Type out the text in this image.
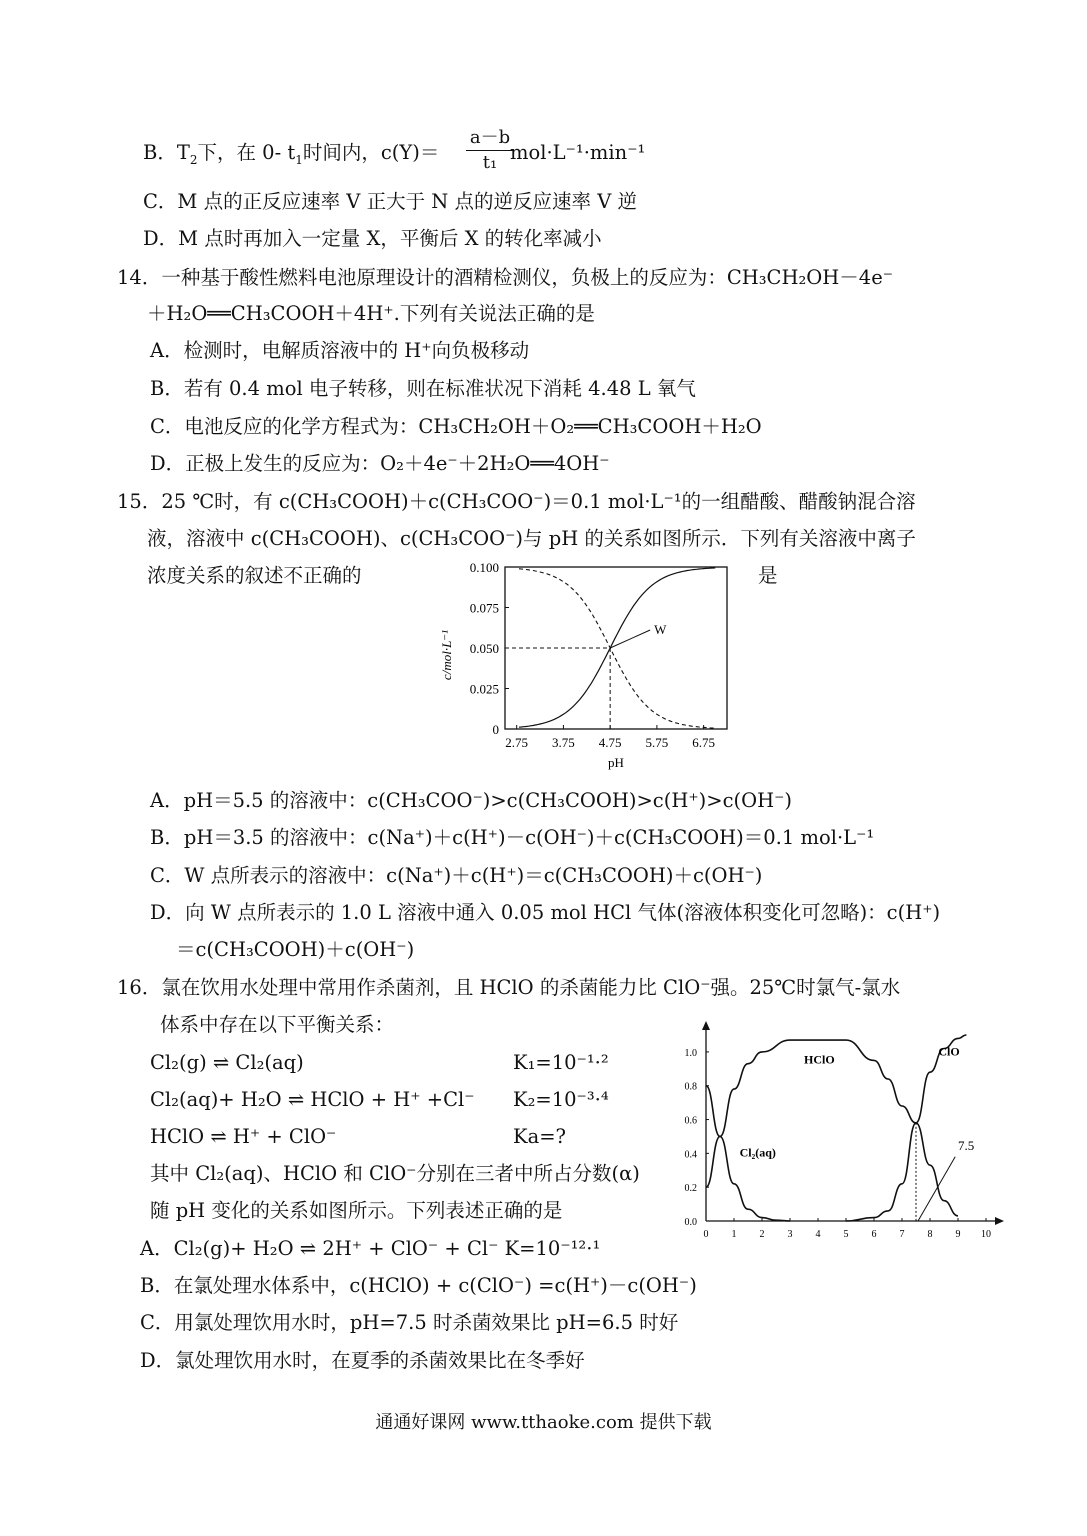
B．$T_2$下，在 0- $t_1$时间内，c(Y)＝
a－b
t₁ mol·L⁻¹·min⁻¹
C．M 点的正反应速率 V 正大于 N 点的逆反应速率 V 逆
D．M 点时再加入一定量 X，平衡后 X 的转化率减小
14．一种基于酸性燃料电池原理设计的酒精检测仪，负极上的反应为：CH₃CH₂OH－4e⁻
＋H₂O══CH₃COOH＋4H⁺.下列有关说法正确的是
A．检测时，电解质溶液中的 H⁺向负极移动
B．若有 0.4 mol 电子转移，则在标准状况下消耗 4.48 L 氧气
C．电池反应的化学方程式为：CH₃CH₂OH＋O₂══CH₃COOH＋H₂O
D．正极上发生的反应为：O₂＋4e⁻＋2H₂O══4OH⁻
15．25 ℃时，有 c(CH₃COOH)＋c(CH₃COO⁻)＝0.1 mol·L⁻¹的一组醋酸、醋酸钠混合溶
液，溶液中 c(CH₃COOH)、c(CH₃COO⁻)与 pH 的关系如图所示．下列有关溶液中离子
浓度关系的叙述不正确的	是
2.75 3.75 4.75 5.75 6.75
0
0.025
0.050
0.075
0.100
W
c/mol·L⁻¹
pH
A．pH＝5.5 的溶液中：c(CH₃COO⁻)>c(CH₃COOH)>c(H⁺)>c(OH⁻)
B．pH＝3.5 的溶液中：c(Na⁺)＋c(H⁺)－c(OH⁻)＋c(CH₃COOH)＝0.1 mol·L⁻¹
C．W 点所表示的溶液中：c(Na⁺)＋c(H⁺)＝c(CH₃COOH)＋c(OH⁻)
D．向 W 点所表示的 1.0 L 溶液中通入 0.05 mol HCl 气体(溶液体积变化可忽略)：c(H⁺)
＝c(CH₃COOH)＋c(OH⁻)
16．氯在饮用水处理中常用作杀菌剂，且 HClO 的杀菌能力比 ClO⁻强。25℃时氯气-氯水
体系中存在以下平衡关系：
Cl₂(g) ⇌ Cl₂(aq)	K₁=10⁻¹·²
Cl₂(aq)+ H₂O ⇌ HClO + H⁺ +Cl⁻ K₂=10⁻³·⁴
HClO ⇌ H⁺ + ClO⁻	Ka=?
其中 Cl₂(aq)、HClO 和 ClO⁻分别在三者中所占分数(α)
随 pH 变化的关系如图所示。下列表述正确的是
0 1 2 3 4 5 6 7 8 9 10
0.0
0.2
0.4
0.6
0.8
1.0
Cl₂(aq)
HClO
ClO
7.5
A．Cl₂(g)+ H₂O ⇌ 2H⁺ + ClO⁻ + Cl⁻ K=10⁻¹²·¹
B．在氯处理水体系中，c(HClO) + c(ClO⁻) =c(H⁺)－c(OH⁻)
C．用氯处理饮用水时，pH=7.5 时杀菌效果比 pH=6.5 时好
D．氯处理饮用水时，在夏季的杀菌效果比在冬季好
通通好课网 www.tthaoke.com 提供下载
